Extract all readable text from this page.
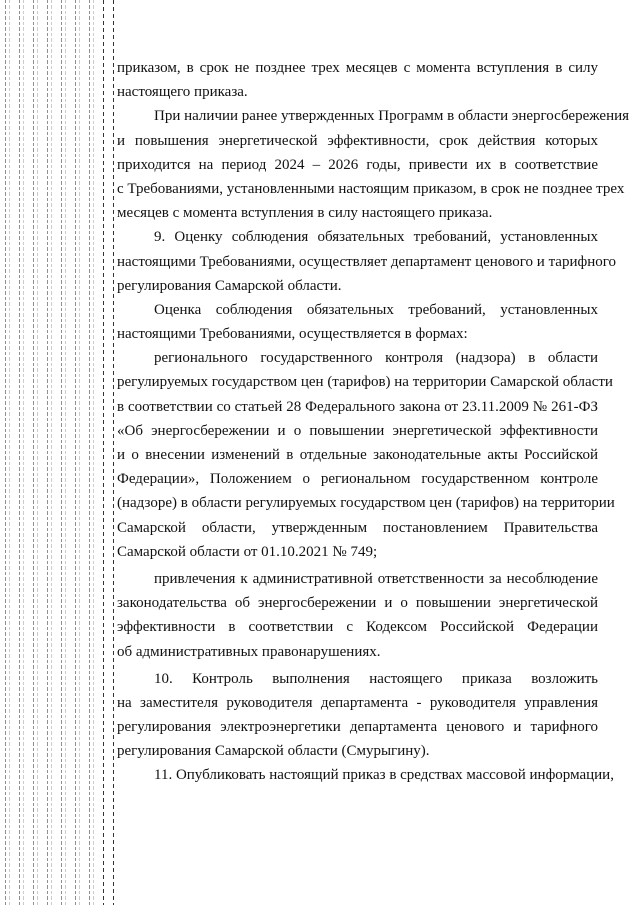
приказом, в срок не позднее трех месяцев с момента вступления в силу
настоящего приказа.
При наличии ранее утвержденных Программ в области энергосбережения
и повышения энергетической эффективности, срок действия которых
приходится на период 2024 – 2026 годы, привести их в соответствие
с Требованиями, установленными настоящим приказом, в срок не позднее трех
месяцев с момента вступления в силу настоящего приказа.
9. Оценку соблюдения обязательных требований, установленных
настоящими Требованиями, осуществляет департамент ценового и тарифного
регулирования Самарской области.
Оценка соблюдения обязательных требований, установленных
настоящими Требованиями, осуществляется в формах:
регионального государственного контроля (надзора) в области
регулируемых государством цен (тарифов) на территории Самарской области
в соответствии со статьей 28 Федерального закона от 23.11.2009 № 261-ФЗ
«Об энергосбережении и о повышении энергетической эффективности
и о внесении изменений в отдельные законодательные акты Российской
Федерации», Положением о региональном государственном контроле
(надзоре) в области регулируемых государством цен (тарифов) на территории
Самарской области, утвержденным постановлением Правительства
Самарской области от 01.10.2021 № 749;
привлечения к административной ответственности за несоблюдение
законодательства об энергосбережении и о повышении энергетической
эффективности в соответствии с Кодексом Российской Федерации
об административных правонарушениях.
10. Контроль выполнения настоящего приказа возложить
на заместителя руководителя департамента - руководителя управления
регулирования электроэнергетики департамента ценового и тарифного
регулирования Самарской области (Смурыгину).
11. Опубликовать настоящий приказ в средствах массовой информации,
